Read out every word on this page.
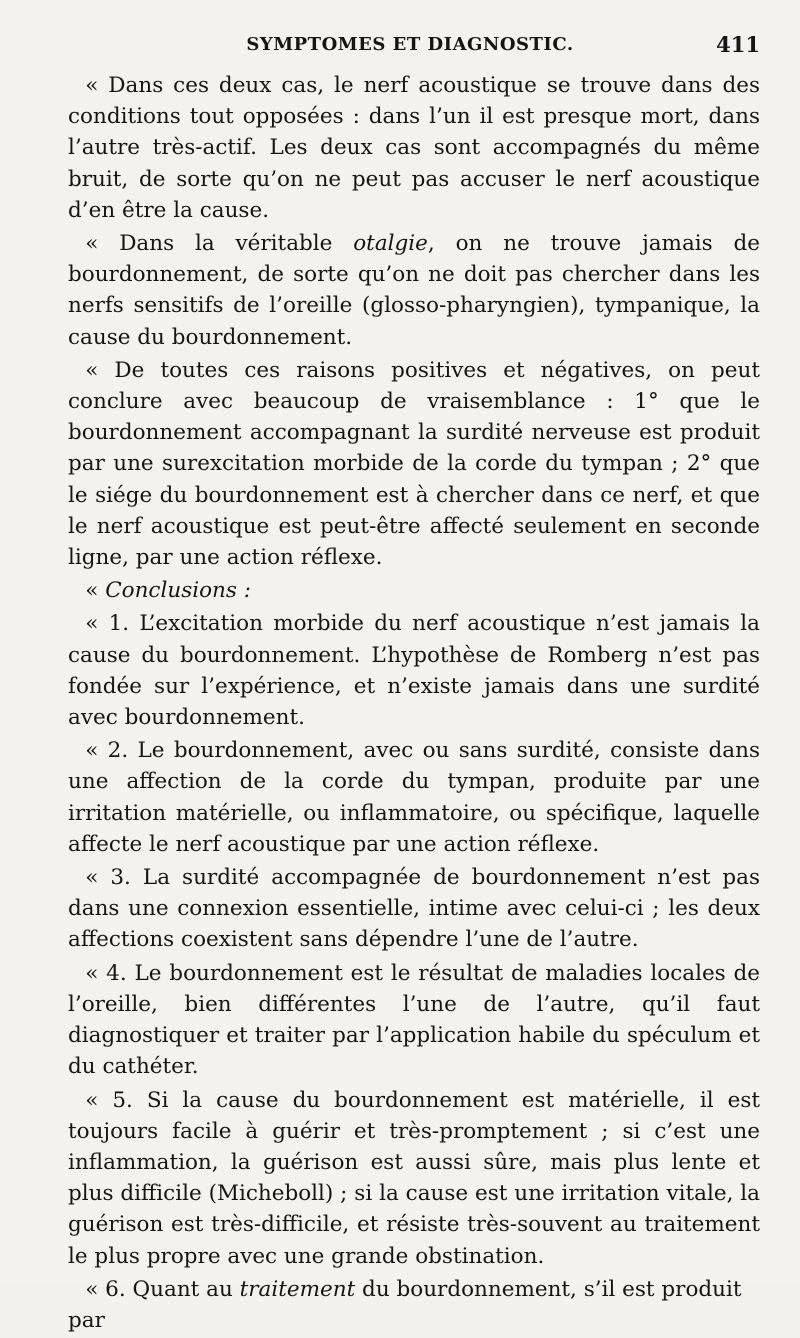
SYMPTOMES ET DIAGNOSTIC.	411

« Dans ces deux cas, le nerf acoustique se trouve dans des conditions tout opposées : dans l’un il est presque mort, dans l’autre très-actif. Les deux cas sont accompagnés du même bruit, de sorte qu’on ne peut pas accuser le nerf acoustique d’en être la cause.

« Dans la véritable otalgie, on ne trouve jamais de bourdonnement, de sorte qu’on ne doit pas chercher dans les nerfs sensitifs de l’oreille (glosso-pharyngien), tympanique, la cause du bourdonnement.

« De toutes ces raisons positives et négatives, on peut conclure avec beaucoup de vraisemblance : 1° que le bourdonnement accompagnant la surdité nerveuse est produit par une surexcitation morbide de la corde du tympan ; 2° que le siége du bourdonnement est à chercher dans ce nerf, et que le nerf acoustique est peut-être affecté seulement en seconde ligne, par une action réflexe.

« Conclusions :

« 1. L’excitation morbide du nerf acoustique n’est jamais la cause du bourdonnement. L’hypothèse de Romberg n’est pas fondée sur l’expérience, et n’existe jamais dans une surdité avec bourdonnement.

« 2. Le bourdonnement, avec ou sans surdité, consiste dans une affection de la corde du tympan, produite par une irritation matérielle, ou inflammatoire, ou spécifique, laquelle affecte le nerf acoustique par une action réflexe.

« 3. La surdité accompagnée de bourdonnement n’est pas dans une connexion essentielle, intime avec celui-ci ; les deux affections coexistent sans dépendre l’une de l’autre.

« 4. Le bourdonnement est le résultat de maladies locales de l’oreille, bien différentes l’une de l’autre, qu’il faut diagnostiquer et traiter par l’application habile du spéculum et du cathéter.

« 5. Si la cause du bourdonnement est matérielle, il est toujours facile à guérir et très-promptement ; si c’est une inflammation, la guérison est aussi sûre, mais plus lente et plus difficile (Micheboll) ; si la cause est une irritation vitale, la guérison est très-difficile, et résiste très-souvent au traitement le plus propre avec une grande obstination.

« 6. Quant au traitement du bourdonnement, s’il est produit par
